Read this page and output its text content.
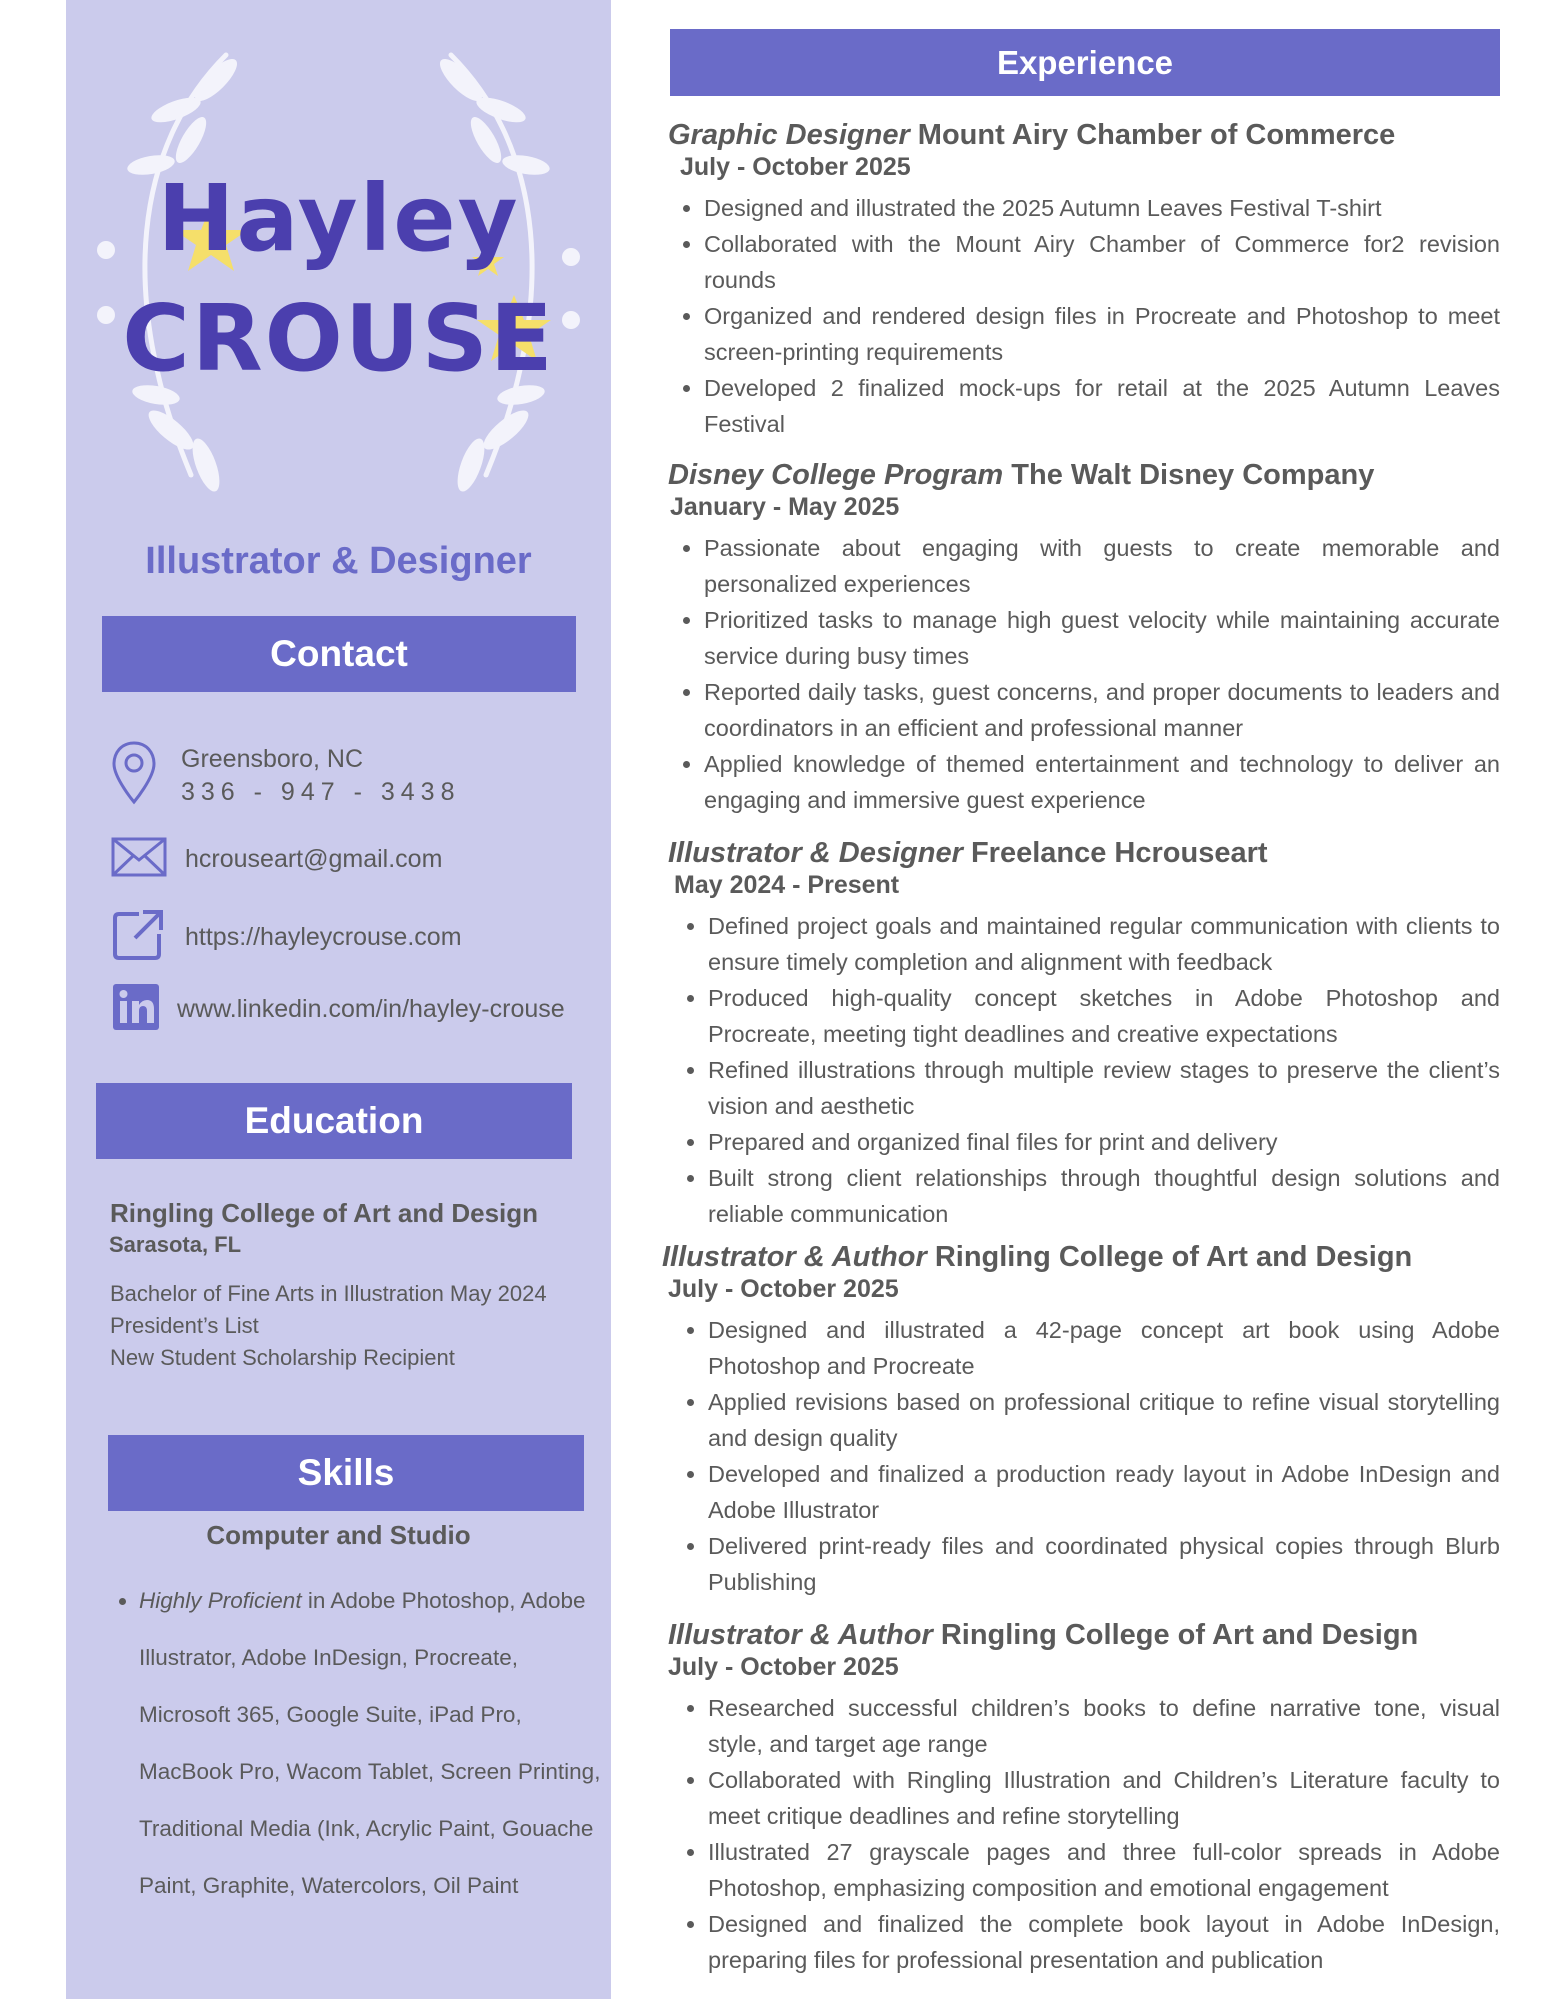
Hayley
CROUSE
Illustrator & Designer
Contact
Greensboro, NC
336 - 947 - 3438
hcrouseart@gmail.com
https://hayleycrouse.com
www.linkedin.com/in/hayley-crouse
Education
Ringling College of Art and Design
Sarasota, FL
Bachelor of Fine Arts in Illustration May 2024
President’s List
New Student Scholarship Recipient
Skills
Computer and Studio
• Highly Proficient in Adobe Photoshop, Adobe Illustrator, Adobe InDesign, Procreate, Microsoft 365, Google Suite, iPad Pro, MacBook Pro, Wacom Tablet, Screen Printing, Traditional Media (Ink, Acrylic Paint, Gouache Paint, Graphite, Watercolors, Oil Paint
Experience
Graphic Designer Mount Airy Chamber of Commerce
July - October 2025
• Designed and illustrated the 2025 Autumn Leaves Festival T-shirt
• Collaborated with the Mount Airy Chamber of Commerce for2 revision rounds
• Organized and rendered design files in Procreate and Photoshop to meet screen-printing requirements
• Developed 2 finalized mock-ups for retail at the 2025 Autumn Leaves Festival
Disney College Program The Walt Disney Company
January - May 2025
• Passionate about engaging with guests to create memorable and personalized experiences
• Prioritized tasks to manage high guest velocity while maintaining accurate service during busy times
• Reported daily tasks, guest concerns, and proper documents to leaders and coordinators in an efficient and professional manner
• Applied knowledge of themed entertainment and technology to deliver an engaging and immersive guest experience
Illustrator & Designer Freelance Hcrouseart
May 2024 - Present
• Defined project goals and maintained regular communication with clients to ensure timely completion and alignment with feedback
• Produced high-quality concept sketches in Adobe Photoshop and Procreate, meeting tight deadlines and creative expectations
• Refined illustrations through multiple review stages to preserve the client’s vision and aesthetic
• Prepared and organized final files for print and delivery
• Built strong client relationships through thoughtful design solutions and reliable communication
Illustrator & Author Ringling College of Art and Design
July - October 2025
• Designed and illustrated a 42-page concept art book using Adobe Photoshop and Procreate
• Applied revisions based on professional critique to refine visual storytelling and design quality
• Developed and finalized a production ready layout in Adobe InDesign and Adobe Illustrator
• Delivered print-ready files and coordinated physical copies through Blurb Publishing
Illustrator & Author Ringling College of Art and Design
July - October 2025
• Researched successful children’s books to define narrative tone, visual style, and target age range
• Collaborated with Ringling Illustration and Children’s Literature faculty to meet critique deadlines and refine storytelling
• Illustrated 27 grayscale pages and three full-color spreads in Adobe Photoshop, emphasizing composition and emotional engagement
• Designed and finalized the complete book layout in Adobe InDesign, preparing files for professional presentation and publication
